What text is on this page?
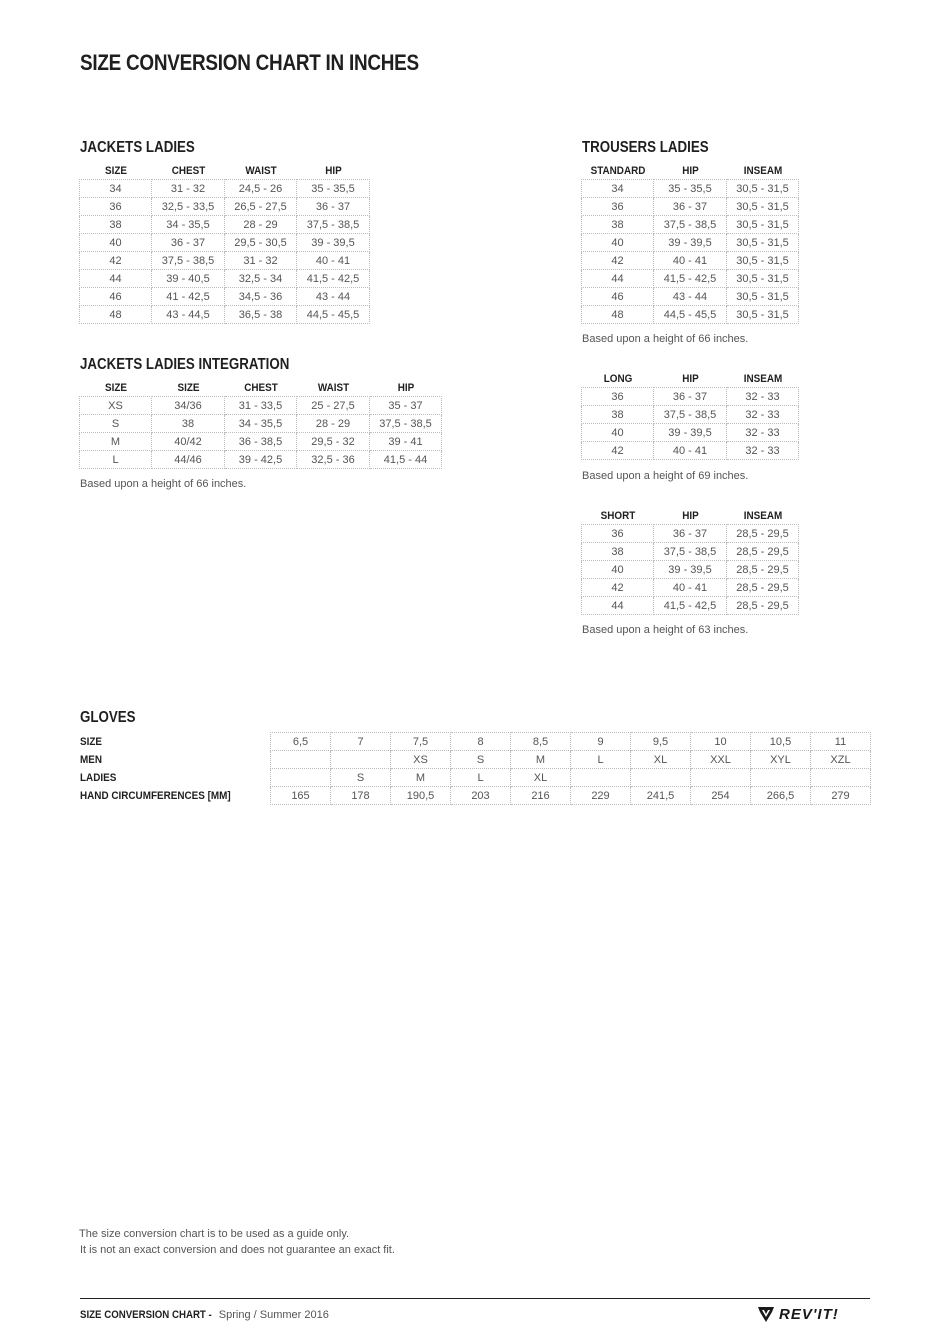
SIZE CONVERSION CHART IN INCHES
JACKETS LADIES
SIZE	CHEST	WAIST	HIP
34	31 - 32	24,5 - 26	35 - 35,5
36	32,5 - 33,5	26,5 - 27,5	36 - 37
38	34 - 35,5	28 - 29	37,5 - 38,5
40	36 - 37	29,5 - 30,5	39 - 39,5
42	37,5 - 38,5	31 - 32	40 - 41
44	39 - 40,5	32,5 - 34	41,5 - 42,5
46	41 - 42,5	34,5 - 36	43 - 44
48	43 - 44,5	36,5 - 38	44,5 - 45,5
JACKETS LADIES INTEGRATION
SIZE	SIZE	CHEST	WAIST	HIP
XS	34/36	31 - 33,5	25 - 27,5	35 - 37
S	38	34 - 35,5	28 - 29	37,5 - 38,5
M	40/42	36 - 38,5	29,5 - 32	39 - 41
L	44/46	39 - 42,5	32,5 - 36	41,5 - 44
Based upon a height of 66 inches.
TROUSERS LADIES
STANDARD	HIP	INSEAM
34	35 - 35,5	30,5 - 31,5
36	36 - 37	30,5 - 31,5
38	37,5 - 38,5	30,5 - 31,5
40	39 - 39,5	30,5 - 31,5
42	40 - 41	30,5 - 31,5
44	41,5 - 42,5	30,5 - 31,5
46	43 - 44	30,5 - 31,5
48	44,5 - 45,5	30,5 - 31,5
Based upon a height of 66 inches.
LONG	HIP	INSEAM
36	36 - 37	32 - 33
38	37,5 - 38,5	32 - 33
40	39 - 39,5	32 - 33
42	40 - 41	32 - 33
Based upon a height of 69 inches.
SHORT	HIP	INSEAM
36	36 - 37	28,5 - 29,5
38	37,5 - 38,5	28,5 - 29,5
40	39 - 39,5	28,5 - 29,5
42	40 - 41	28,5 - 29,5
44	41,5 - 42,5	28,5 - 29,5
Based upon a height of 63 inches.
GLOVES
SIZE	6,5	7	7,5	8	8,5	9	9,5	10	10,5	11
MEN			XS	S	M	L	XL	XXL	XYL	XZL
LADIES		S	M	L	XL					
HAND CIRCUMFERENCES [MM]	165	178	190,5	203	216	229	241,5	254	266,5	279
The size conversion chart is to be used as a guide only.
It is not an exact conversion and does not guarantee an exact fit.
SIZE CONVERSION CHART - Spring / Summer 2016	REV'IT!
